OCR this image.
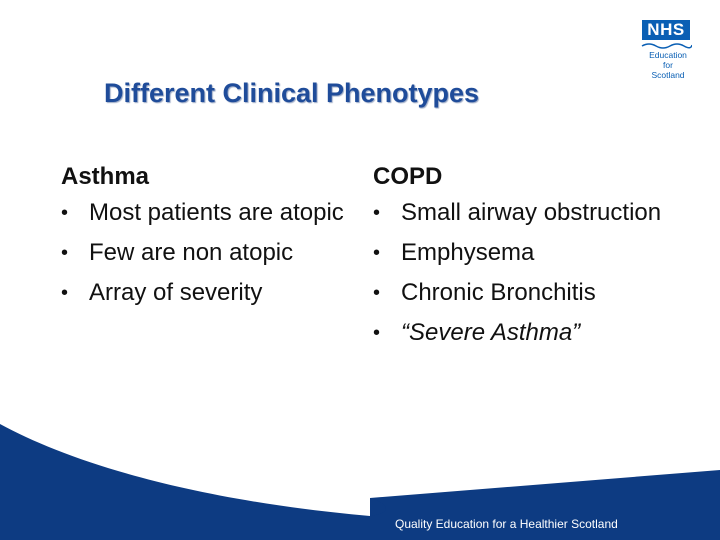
NHS
Education
for
Scotland
Different Clinical Phenotypes

Asthma

• Most patients are atopic
• Few are non atopic
• Array of severity

COPD

• Small airway obstruction
• Emphysema
• Chronic Bronchitis
• “Severe Asthma”
Quality Education for a Healthier Scotland
